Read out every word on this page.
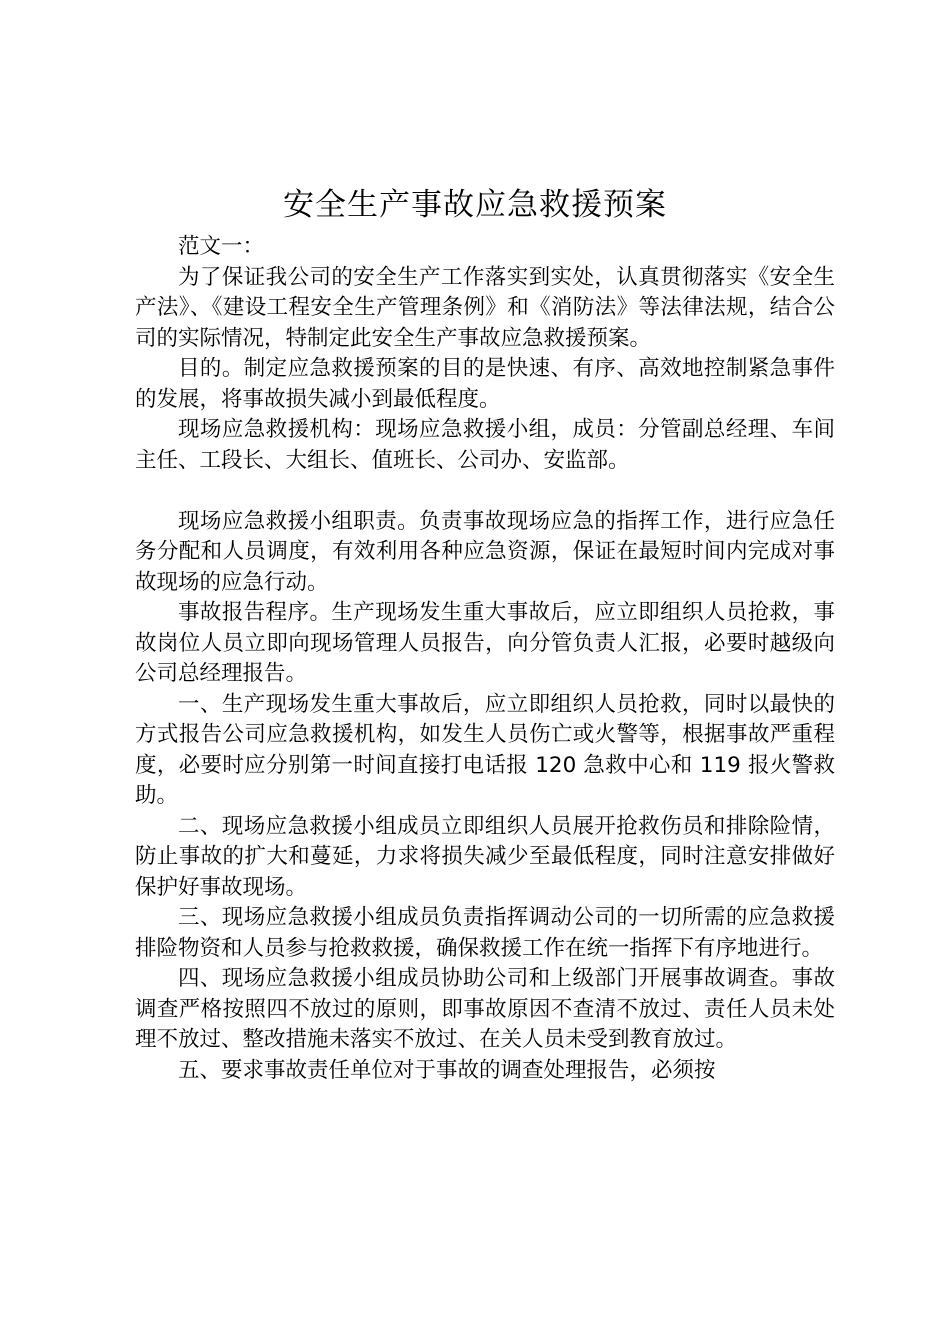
安全生产事故应急救援预案

范文一：

为了保证我公司的安全生产工作落实到实处，认真贯彻落实《安全生产法》、《建设工程安全生产管理条例》和《消防法》等法律法规，结合公司的实际情况，特制定此安全生产事故应急救援预案。

目的。制定应急救援预案的目的是快速、有序、高效地控制紧急事件的发展，将事故损失减小到最低程度。

现场应急救援机构：现场应急救援小组，成员：分管副总经理、车间主任、工段长、大组长、值班长、公司办、安监部。

现场应急救援小组职责。负责事故现场应急的指挥工作，进行应急任务分配和人员调度，有效利用各种应急资源，保证在最短时间内完成对事故现场的应急行动。

事故报告程序。生产现场发生重大事故后，应立即组织人员抢救，事故岗位人员立即向现场管理人员报告，向分管负责人汇报，必要时越级向公司总经理报告。

一、生产现场发生重大事故后，应立即组织人员抢救，同时以最快的方式报告公司应急救援机构，如发生人员伤亡或火警等，根据事故严重程度，必要时应分别第一时间直接打电话报 120 急救中心和 119 报火警救助。

二、现场应急救援小组成员立即组织人员展开抢救伤员和排除险情，防止事故的扩大和蔓延，力求将损失减少至最低程度，同时注意安排做好保护好事故现场。

三、现场应急救援小组成员负责指挥调动公司的一切所需的应急救援排险物资和人员参与抢救救援，确保救援工作在统一指挥下有序地进行。

四、现场应急救援小组成员协助公司和上级部门开展事故调查。事故调查严格按照四不放过的原则，即事故原因不查清不放过、责任人员未处理不放过、整改措施未落实不放过、在关人员未受到教育放过。

五、要求事故责任单位对于事故的调查处理报告，必须按
